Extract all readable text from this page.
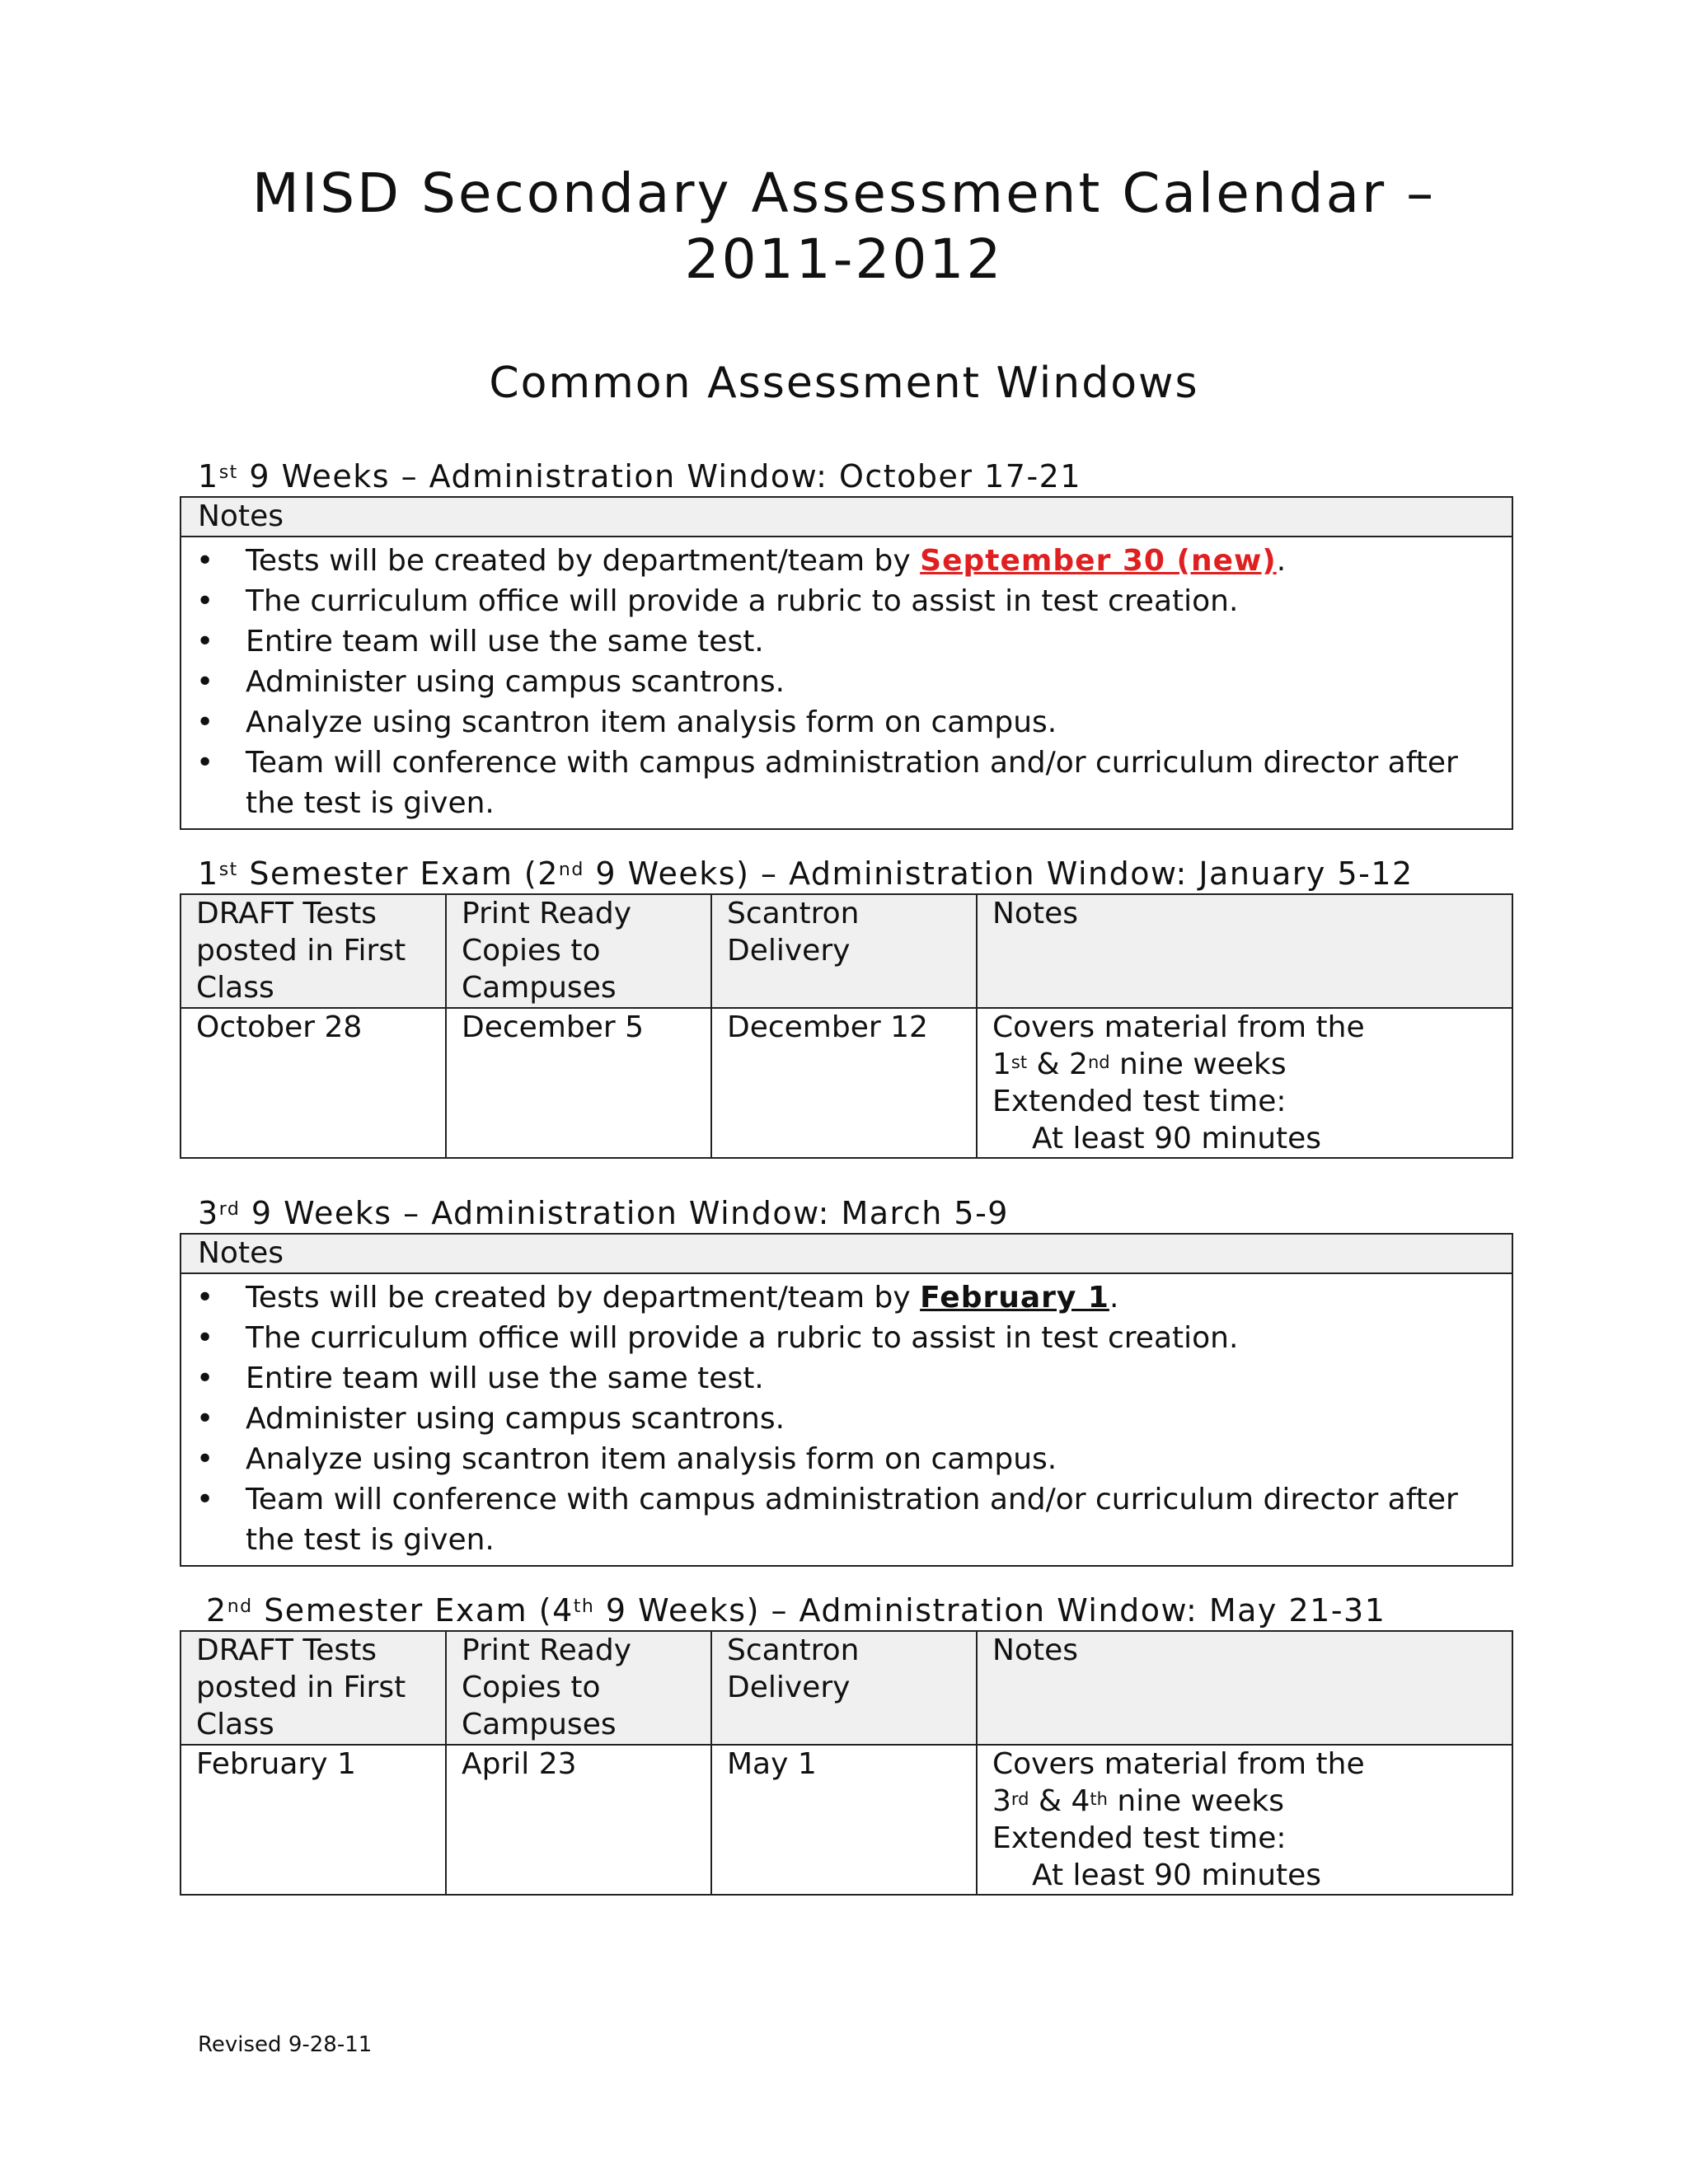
MISD Secondary Assessment Calendar –
2011-2012
Common Assessment Windows
1st 9 Weeks – Administration Window: October 17-21
Notes
• Tests will be created by department/team by September 30 (new).
• The curriculum office will provide a rubric to assist in test creation.
• Entire team will use the same test.
• Administer using campus scantrons.
• Analyze using scantron item analysis form on campus.
• Team will conference with campus administration and/or curriculum director after the test is given.
1st Semester Exam (2nd 9 Weeks) – Administration Window: January 5-12
DRAFT Tests posted in First Class	Print Ready Copies to Campuses	Scantron Delivery	Notes
October 28	December 5	December 12	Covers material from the
1st & 2nd nine weeks
Extended test time:
At least 90 minutes
3rd 9 Weeks – Administration Window: March 5-9
Notes
• Tests will be created by department/team by February 1.
• The curriculum office will provide a rubric to assist in test creation.
• Entire team will use the same test.
• Administer using campus scantrons.
• Analyze using scantron item analysis form on campus.
• Team will conference with campus administration and/or curriculum director after the test is given.
2nd Semester Exam (4th 9 Weeks) – Administration Window: May 21-31
DRAFT Tests posted in First Class	Print Ready Copies to Campuses	Scantron Delivery	Notes
February 1	April 23	May 1	Covers material from the
3rd & 4th nine weeks
Extended test time:
At least 90 minutes
Revised 9-28-11
